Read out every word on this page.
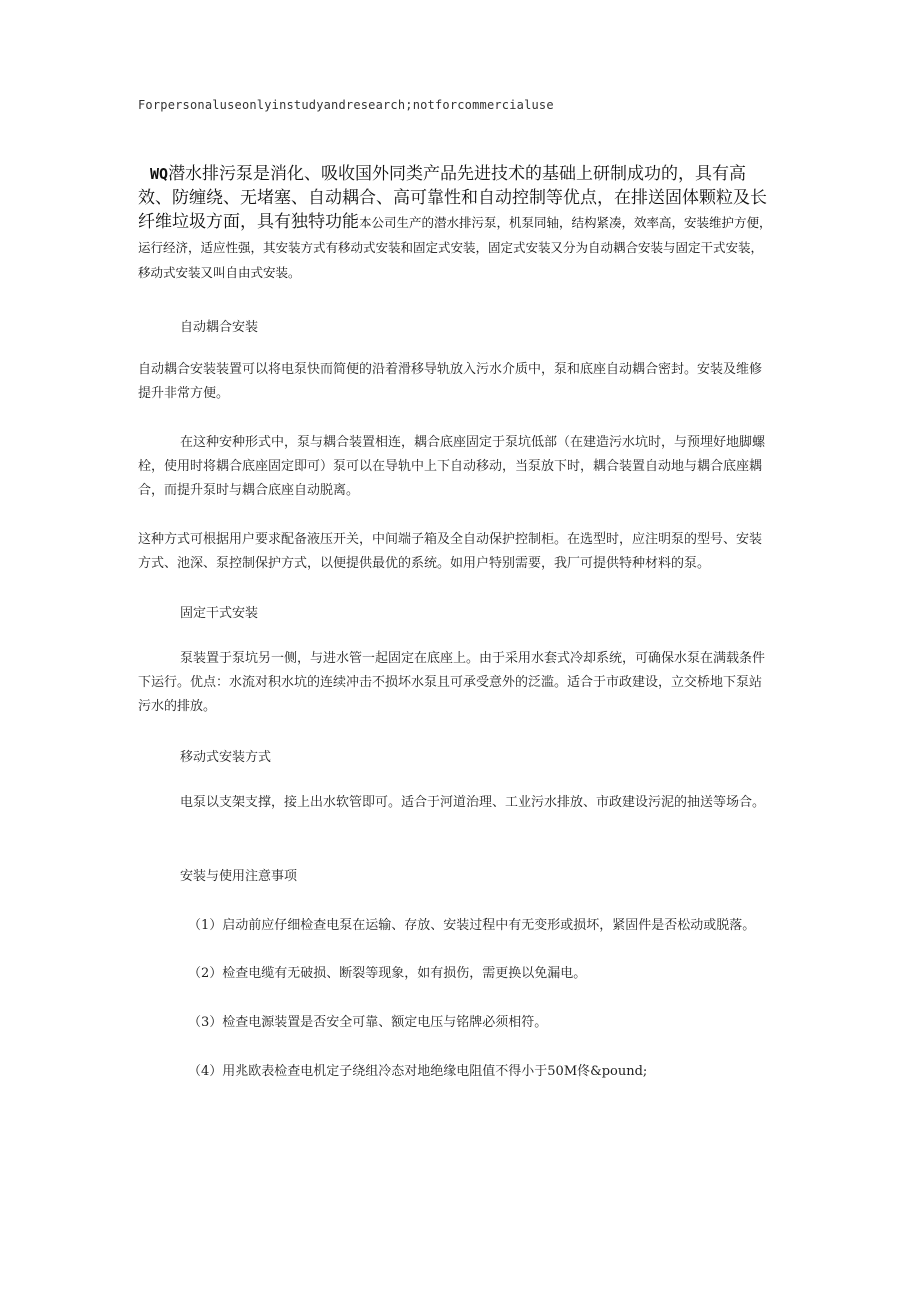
Forpersonaluseonlyinstudyandresearch;notforcommercialuse

WQ潜水排污泵是消化、吸收国外同类产品先进技术的基础上研制成功的，具有高效、防缠绕、无堵塞、自动耦合、高可靠性和自动控制等优点，在排送固体颗粒及长纤维垃圾方面，具有独特功能本公司生产的潜水排污泵，机泵同轴，结构紧凑，效率高，安装维护方便，运行经济，适应性强，其安装方式有移动式安装和固定式安装，固定式安装又分为自动耦合安装与固定干式安装，移动式安装又叫自由式安装。

自动耦合安装

自动耦合安装装置可以将电泵快而简便的沿着滑移导轨放入污水介质中，泵和底座自动耦合密封。安装及维修提升非常方便。

在这种安种形式中，泵与耦合装置相连，耦合底座固定于泵坑低部（在建造污水坑时，与预埋好地脚螺栓，使用时将耦合底座固定即可）泵可以在导轨中上下自动移动，当泵放下时，耦合装置自动地与耦合底座耦合，而提升泵时与耦合底座自动脱离。

这种方式可根据用户要求配备液压开关，中间端子箱及全自动保护控制柜。在选型时，应注明泵的型号、安装方式、池深、泵控制保护方式，以便提供最优的系统。如用户特别需要，我厂可提供特种材料的泵。

固定干式安装

泵装置于泵坑另一侧，与进水管一起固定在底座上。由于采用水套式冷却系统，可确保水泵在满载条件下运行。优点：水流对积水坑的连续冲击不损坏水泵且可承受意外的泛滥。适合于市政建设，立交桥地下泵站污水的排放。

移动式安装方式

电泵以支架支撑，接上出水软管即可。适合于河道治理、工业污水排放、市政建设污泥的抽送等场合。

安装与使用注意事项

（1）启动前应仔细检查电泵在运输、存放、安装过程中有无变形或损坏，紧固件是否松动或脱落。

（2）检查电缆有无破损、断裂等现象，如有损伤，需更换以免漏电。

（3）检查电源装置是否安全可靠、额定电压与铭牌必须相符。

（4）用兆欧表检查电机定子绕组冷态对地绝缘电阻值不得小于50M佟&pound;
